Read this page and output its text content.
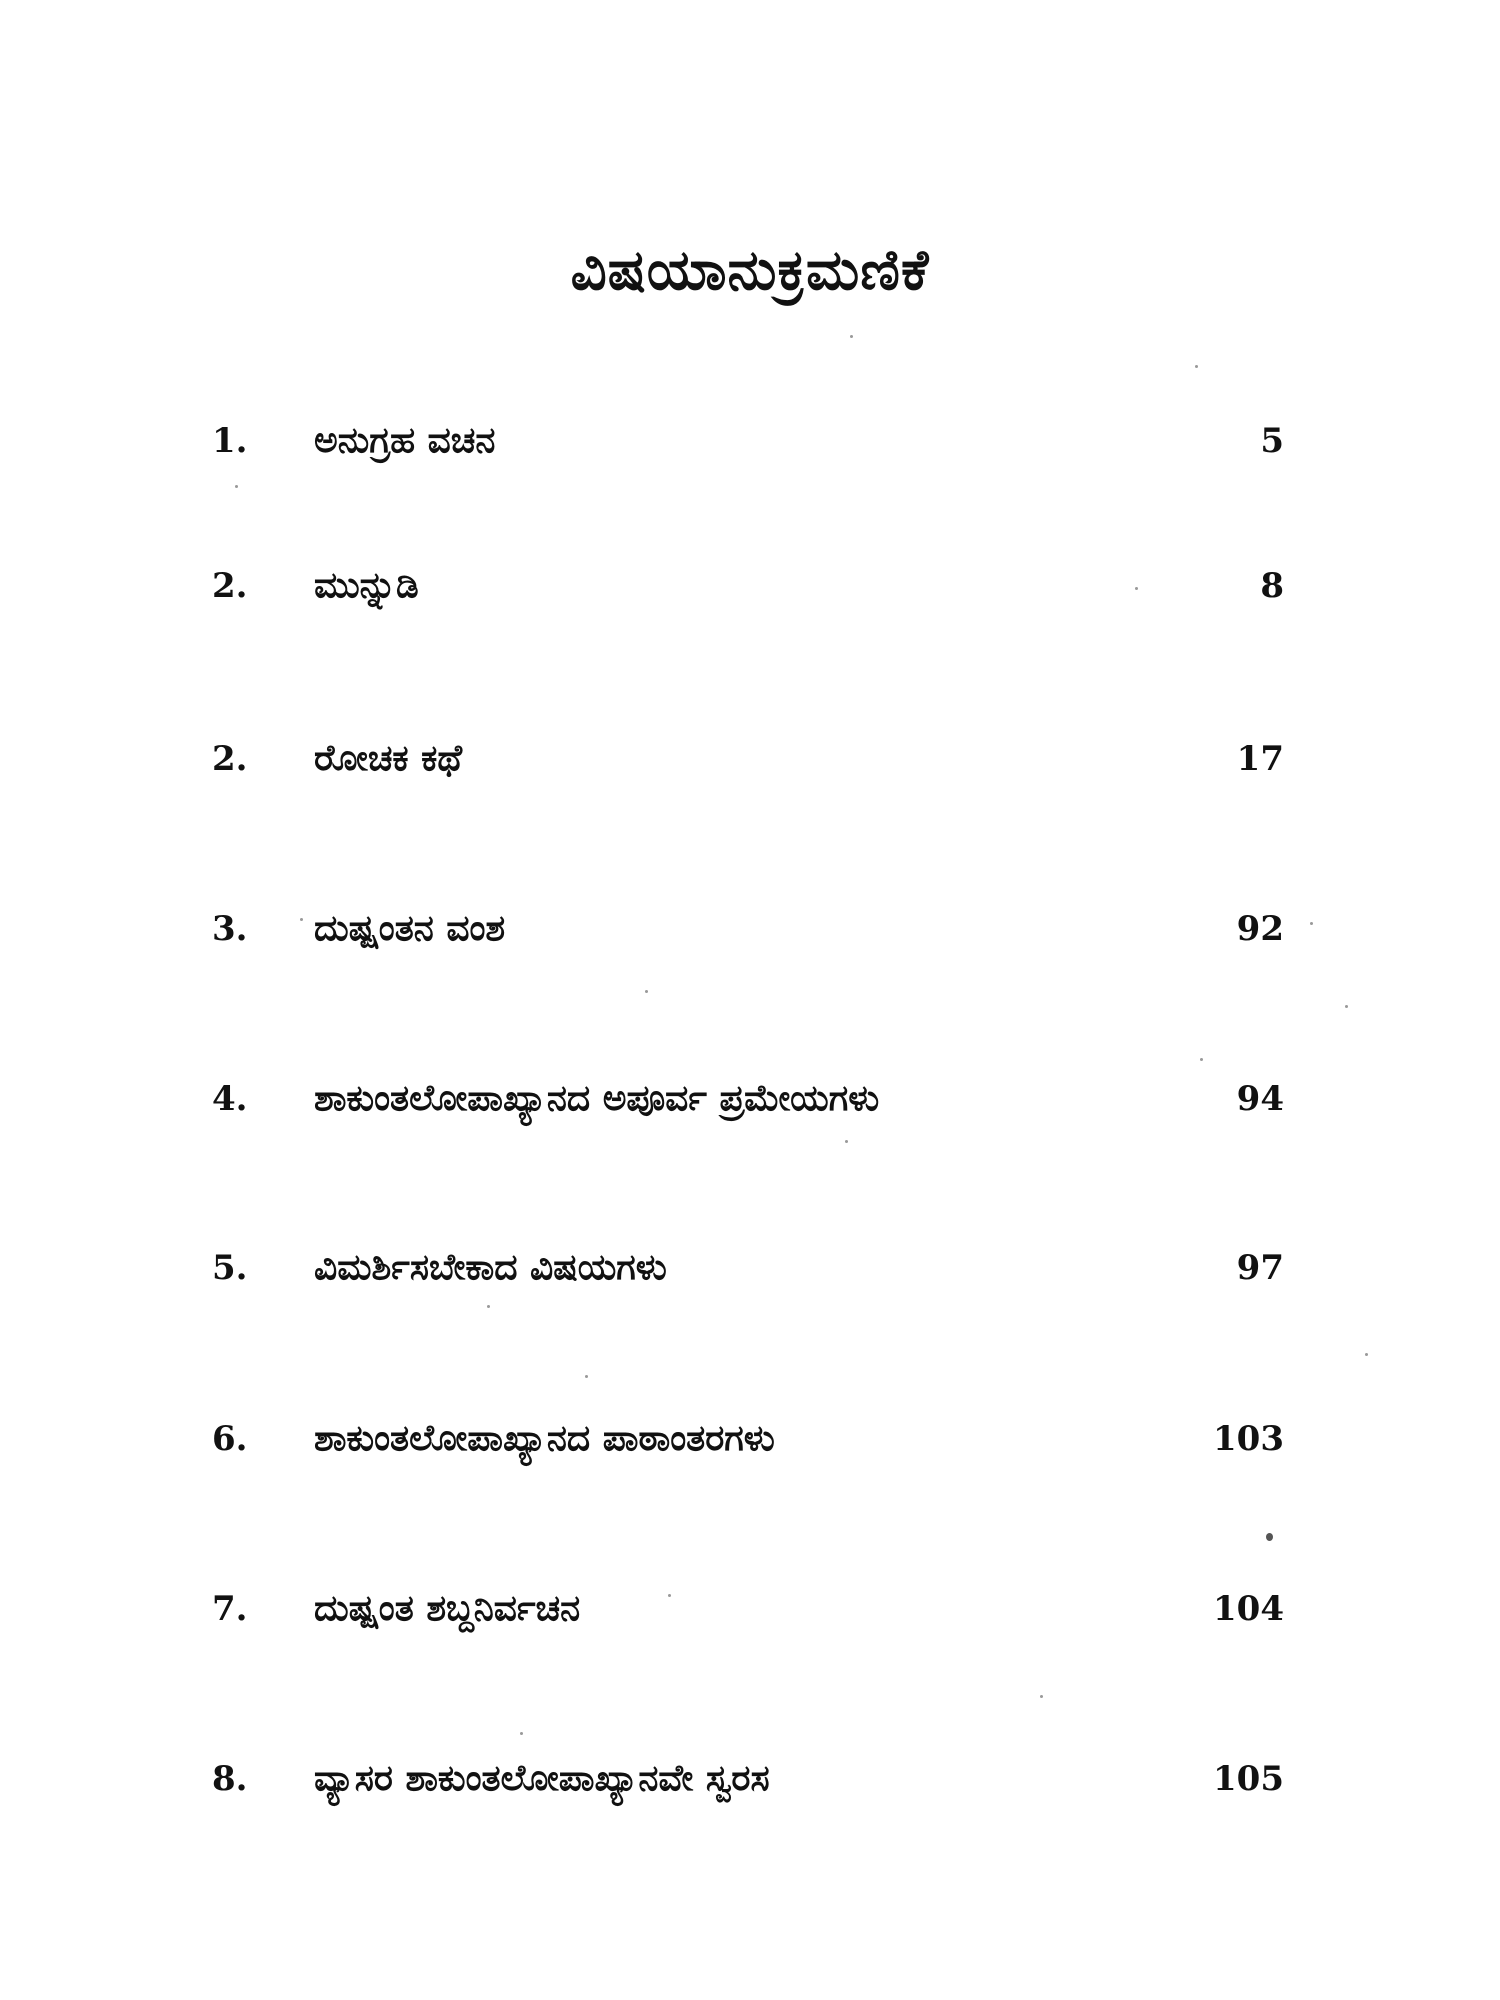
ವಿಷಯಾನುಕ್ರಮಣಿಕೆ
1. ಅನುಗ್ರಹ ವಚನ	5
2. ಮುನ್ನುಡಿ	8
2. ರೋಚಕ ಕಥೆ	17
3. ದುಷ್ಷಂತನ ವಂಶ	92
4. ಶಾಕುಂತಲೋಪಾಖ್ಯಾನದ ಅಪೂರ್ವ ಪ್ರಮೇಯಗಳು	94
5. ವಿಮರ್ಶಿಸಬೇಕಾದ ವಿಷಯಗಳು	97
6. ಶಾಕುಂತಲೋಪಾಖ್ಯಾನದ ಪಾಠಾಂತರಗಳು	103
7. ದುಷ್ಷಂತ ಶಬ್ದನಿರ್ವಚನ	104
8. ವ್ಯಾಸರ ಶಾಕುಂತಲೋಪಾಖ್ಯಾನವೇ ಸ್ವರಸ	105
